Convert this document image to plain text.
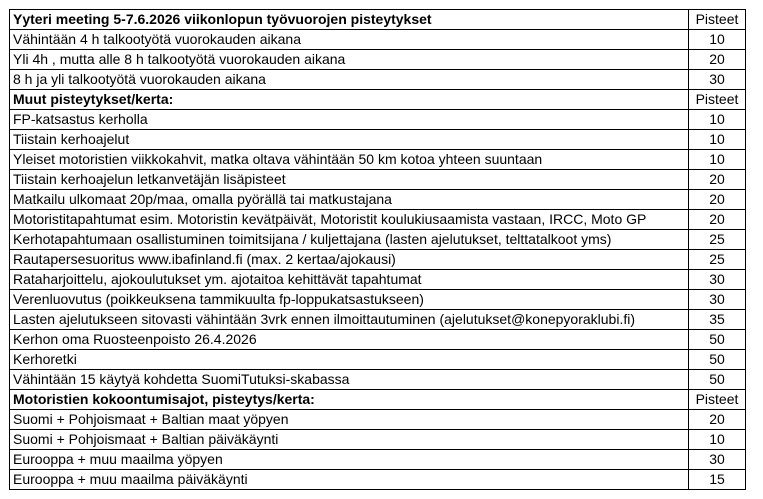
Yyteri meeting 5-7.6.2026 viikonlopun työvuorojen pisteytykset	Pisteet
Vähintään 4 h talkootyötä vuorokauden aikana	10
Yli 4h , mutta alle 8 h talkootyötä vuorokauden aikana	20
8 h ja yli talkootyötä vuorokauden aikana	30
Muut pisteytykset/kerta:	Pisteet
FP-katsastus kerholla	10
Tiistain kerhoajelut	10
Yleiset motoristien viikkokahvit, matka oltava vähintään 50 km kotoa yhteen suuntaan	10
Tiistain kerhoajelun letkanvetäjän lisäpisteet	20
Matkailu ulkomaat 20p/maa, omalla pyörällä tai matkustajana	20
Motoristitapahtumat esim. Motoristin kevätpäivät, Motoristit koulukiusaamista vastaan, IRCC, Moto GP	20
Kerhotapahtumaan osallistuminen toimitsijana / kuljettajana (lasten ajelutukset, telttatalkoot yms)	25
Rautapersesuoritus www.ibafinland.fi (max. 2 kertaa/ajokausi)	25
Rataharjoittelu, ajokoulutukset ym. ajotaitoa kehittävät tapahtumat	30
Verenluovutus (poikkeuksena tammikuulta fp-loppukatsastukseen)	30
Lasten ajelutukseen sitovasti vähintään 3vrk ennen ilmoittautuminen (ajelutukset@konepyoraklubi.fi)	35
Kerhon oma Ruosteenpoisto 26.4.2026	50
Kerhoretki	50
Vähintään 15 käytyä kohdetta SuomiTutuksi-skabassa	50
Motoristien kokoontumisajot, pisteytys/kerta:	Pisteet
Suomi + Pohjoismaat + Baltian maat yöpyen	20
Suomi + Pohjoismaat + Baltian päiväkäynti	10
Eurooppa + muu maailma yöpyen	30
Eurooppa + muu maailma päiväkäynti	15
